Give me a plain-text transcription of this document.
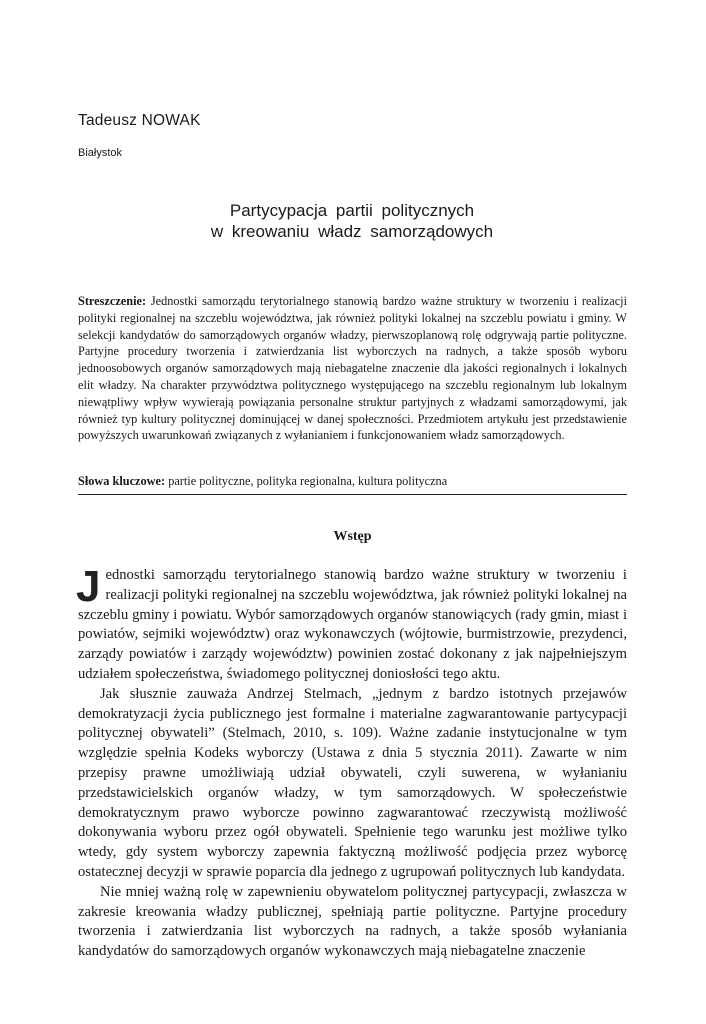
Tadeusz NOWAK
Białystok
Partycypacja partii politycznych
w kreowaniu władz samorządowych
Streszczenie: Jednostki samorządu terytorialnego stanowią bardzo ważne struktury w tworzeniu i realizacji polityki regionalnej na szczeblu województwa, jak również polityki lokalnej na szczeblu powiatu i gminy. W selekcji kandydatów do samorządowych organów władzy, pierwszoplanową rolę odgrywają partie polityczne. Partyjne procedury tworzenia i zatwierdzania list wyborczych na radnych, a także sposób wyboru jednoosobowych organów samorządowych mają niebagatelne znaczenie dla jakości regionalnych i lokalnych elit władzy. Na charakter przywództwa politycznego występującego na szczeblu regionalnym lub lokalnym niewątpliwy wpływ wywierają powiązania personalne struktur partyjnych z władzami samorządowymi, jak również typ kultury politycznej dominującej w danej społeczności. Przedmiotem artykułu jest przedstawienie powyższych uwarunkowań związanych z wyłanianiem i funkcjonowaniem władz samorządowych.
Słowa kluczowe: partie polityczne, polityka regionalna, kultura polityczna
Wstęp

Jednostki samorządu terytorialnego stanowią bardzo ważne struktury w tworzeniu i realizacji polityki regionalnej na szczeblu województwa, jak również polityki lokalnej na szczeblu gminy i powiatu. Wybór samorządowych organów stanowiących (rady gmin, miast i powiatów, sejmiki województw) oraz wykonawczych (wójtowie, burmistrzowie, prezydenci, zarządy powiatów i zarządy województw) powinien zostać dokonany z jak najpełniejszym udziałem społeczeństwa, świadomego politycznej doniosłości tego aktu.

Jak słusznie zauważa Andrzej Stelmach, „jednym z bardzo istotnych przejawów demokratyzacji życia publicznego jest formalne i materialne zagwarantowanie partycypacji politycznej obywateli” (Stelmach, 2010, s. 109). Ważne zadanie instytucjonalne w tym względzie spełnia Kodeks wyborczy (Ustawa z dnia 5 stycznia 2011). Zawarte w nim przepisy prawne umożliwiają udział obywateli, czyli suwerena, w wyłanianiu przedstawicielskich organów władzy, w tym samorządowych. W społeczeństwie demokratycznym prawo wyborcze powinno zagwarantować rzeczywistą możliwość dokonywania wyboru przez ogół obywateli. Spełnienie tego warunku jest możliwe tylko wtedy, gdy system wyborczy zapewnia faktyczną możliwość podjęcia przez wyborcę ostatecznej decyzji w sprawie poparcia dla jednego z ugrupowań politycznych lub kandydata.

Nie mniej ważną rolę w zapewnieniu obywatelom politycznej partycypacji, zwłaszcza w zakresie kreowania władzy publicznej, spełniają partie polityczne. Partyjne procedury tworzenia i zatwierdzania list wyborczych na radnych, a także sposób wyłaniania kandydatów do samorządowych organów wykonawczych mają niebagatelne znaczenie
